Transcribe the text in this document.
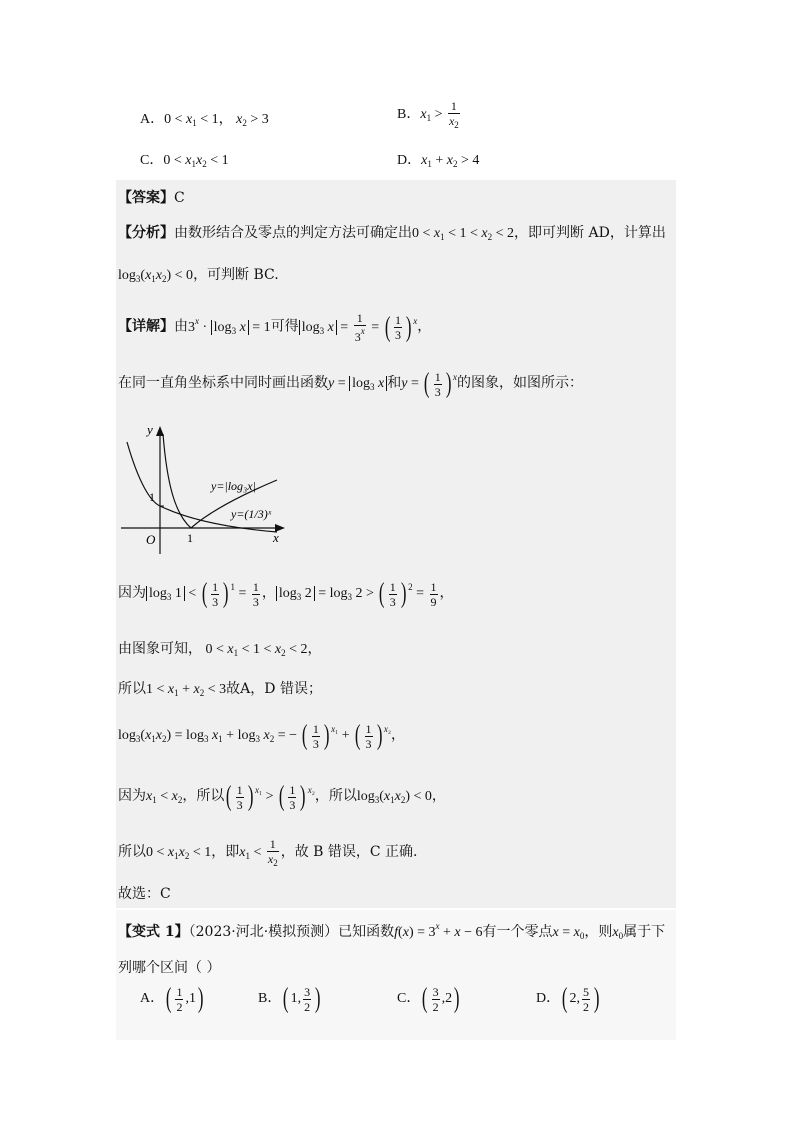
A．$0 < x_1 < 1$， $x_2 > 3$	B．$x_1 > \frac{1}{x_2}$
C．$0 < x_1x_2 < 1$	D．$x_1 + x_2 > 4$
【答案】C
【分析】由数形结合及零点的判定方法可确定出$0 < x_1 < 1 < x_2 < 2$，即可判断 AD，计算出
$\log_3(x_1x_2) < 0$，可判断 BC.
【详解】由$3^x \cdot \log_3 x = 1$可得 $\log_3 x = \frac{1}{3^x}$ = ( $\frac{1}{3}$ ) $^x$，
在同一直角坐标系中同时画出函数$y = \log_3 x$ 和y = ( $\frac{1}{3}$ ) $^x$的图象，如图所示：
y
x
O
1
1
y=|log₃x|
y=(1/3)ˣ
因为 $\log_3 1$ < ( $\frac{1}{3}$ ) $^1 = \frac{1}{3}$ ， $\log_3 2 = \log_3 2$ > ( $\frac{1}{3}$ ) $^2 = \frac{1}{9}$ ，
由图象可知， $0 < x_1 < 1 < x_2 < 2$，
所以$1 < x_1 + x_2 < 3$故A，D 错误；
$\log_3(x_1x_2) = \log_3 x_1 + \log_3 x_2$ = − ( $\frac{1}{3}$ ) $^{x_1}$ + ( $\frac{1}{3}$ ) $^{x_2}$，
因为$x_1 < x_2$，所以( $\frac{1}{3}$ ) $^{x_1}$ > ( $\frac{1}{3}$ ) $^{x_2}$，所以$\log_3(x_1x_2) < 0$，
所以$0 < x_1x_2 < 1$，即$x_1 < \frac{1}{x_2}$ ，故 B 错误，C 正确.
故选：C
【变式 1】（2023·河北·模拟预测）已知函数$f(x) = 3^x + x - 6$有一个零点$x = x_0$，则$x_0$属于下
列哪个区间（ ）
A．( $\frac{1}{2} ,1$)	B．( 1, $\frac{3}{2}$ )	C．( $\frac{3}{2} ,2$)	D．( 2, $\frac{5}{2}$ )
